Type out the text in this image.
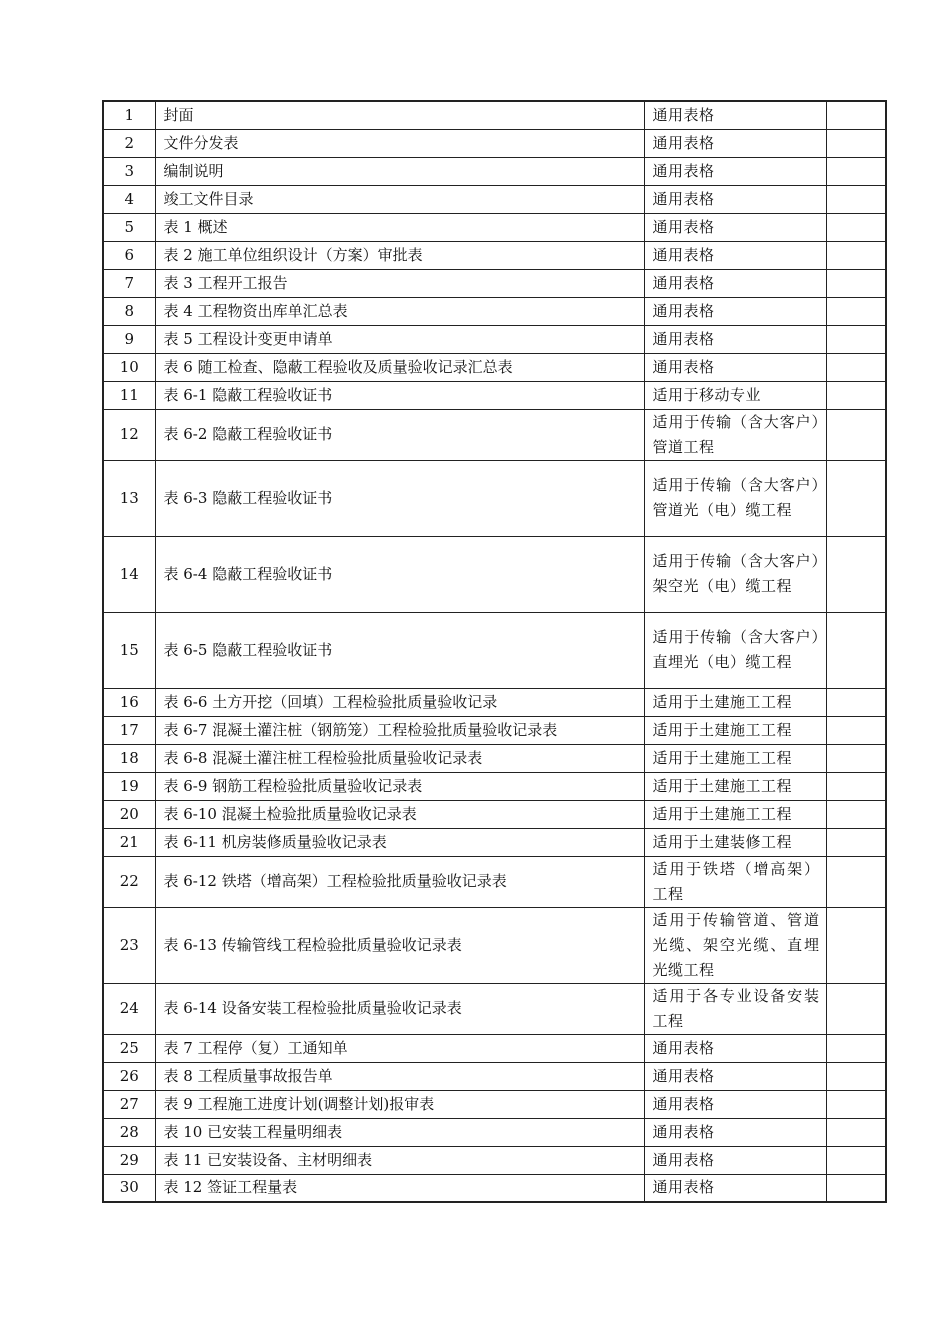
1	封面	通用表格	
2	文件分发表	通用表格	
3	编制说明	通用表格	
4	竣工文件目录	通用表格	
5	表 1 概述	通用表格	
6	表 2 施工单位组织设计（方案）审批表	通用表格	
7	表 3 工程开工报告	通用表格	
8	表 4 工程物资出库单汇总表	通用表格	
9	表 5 工程设计变更申请单	通用表格	
10	表 6 随工检查、隐蔽工程验收及质量验收记录汇总表	通用表格	
11	表 6-1 隐蔽工程验收证书	适用于移动专业	
12	表 6-2 隐蔽工程验收证书	适用于传输（含大客户）管道工程	
13	表 6-3 隐蔽工程验收证书	适用于传输（含大客户）管道光（电）缆工程	
14	表 6-4 隐蔽工程验收证书	适用于传输（含大客户）架空光（电）缆工程	
15	表 6-5 隐蔽工程验收证书	适用于传输（含大客户）直埋光（电）缆工程	
16	表 6-6 土方开挖（回填）工程检验批质量验收记录	适用于土建施工工程	
17	表 6-7 混凝土灌注桩（钢筋笼）工程检验批质量验收记录表	适用于土建施工工程	
18	表 6-8 混凝土灌注桩工程检验批质量验收记录表	适用于土建施工工程	
19	表 6-9 钢筋工程检验批质量验收记录表	适用于土建施工工程	
20	表 6-10 混凝土检验批质量验收记录表	适用于土建施工工程	
21	表 6-11 机房装修质量验收记录表	适用于土建装修工程	
22	表 6-12 铁塔（增高架）工程检验批质量验收记录表	适用于铁塔（增高架）工程	
23	表 6-13 传输管线工程检验批质量验收记录表	适用于传输管道、管道光缆、架空光缆、直埋光缆工程	
24	表 6-14 设备安装工程检验批质量验收记录表	适用于各专业设备安装工程	
25	表 7 工程停（复）工通知单	通用表格	
26	表 8 工程质量事故报告单	通用表格	
27	表 9 工程施工进度计划(调整计划)报审表	通用表格	
28	表 10 已安装工程量明细表	通用表格	
29	表 11 已安装设备、主材明细表	通用表格	
30	表 12 签证工程量表	通用表格	
